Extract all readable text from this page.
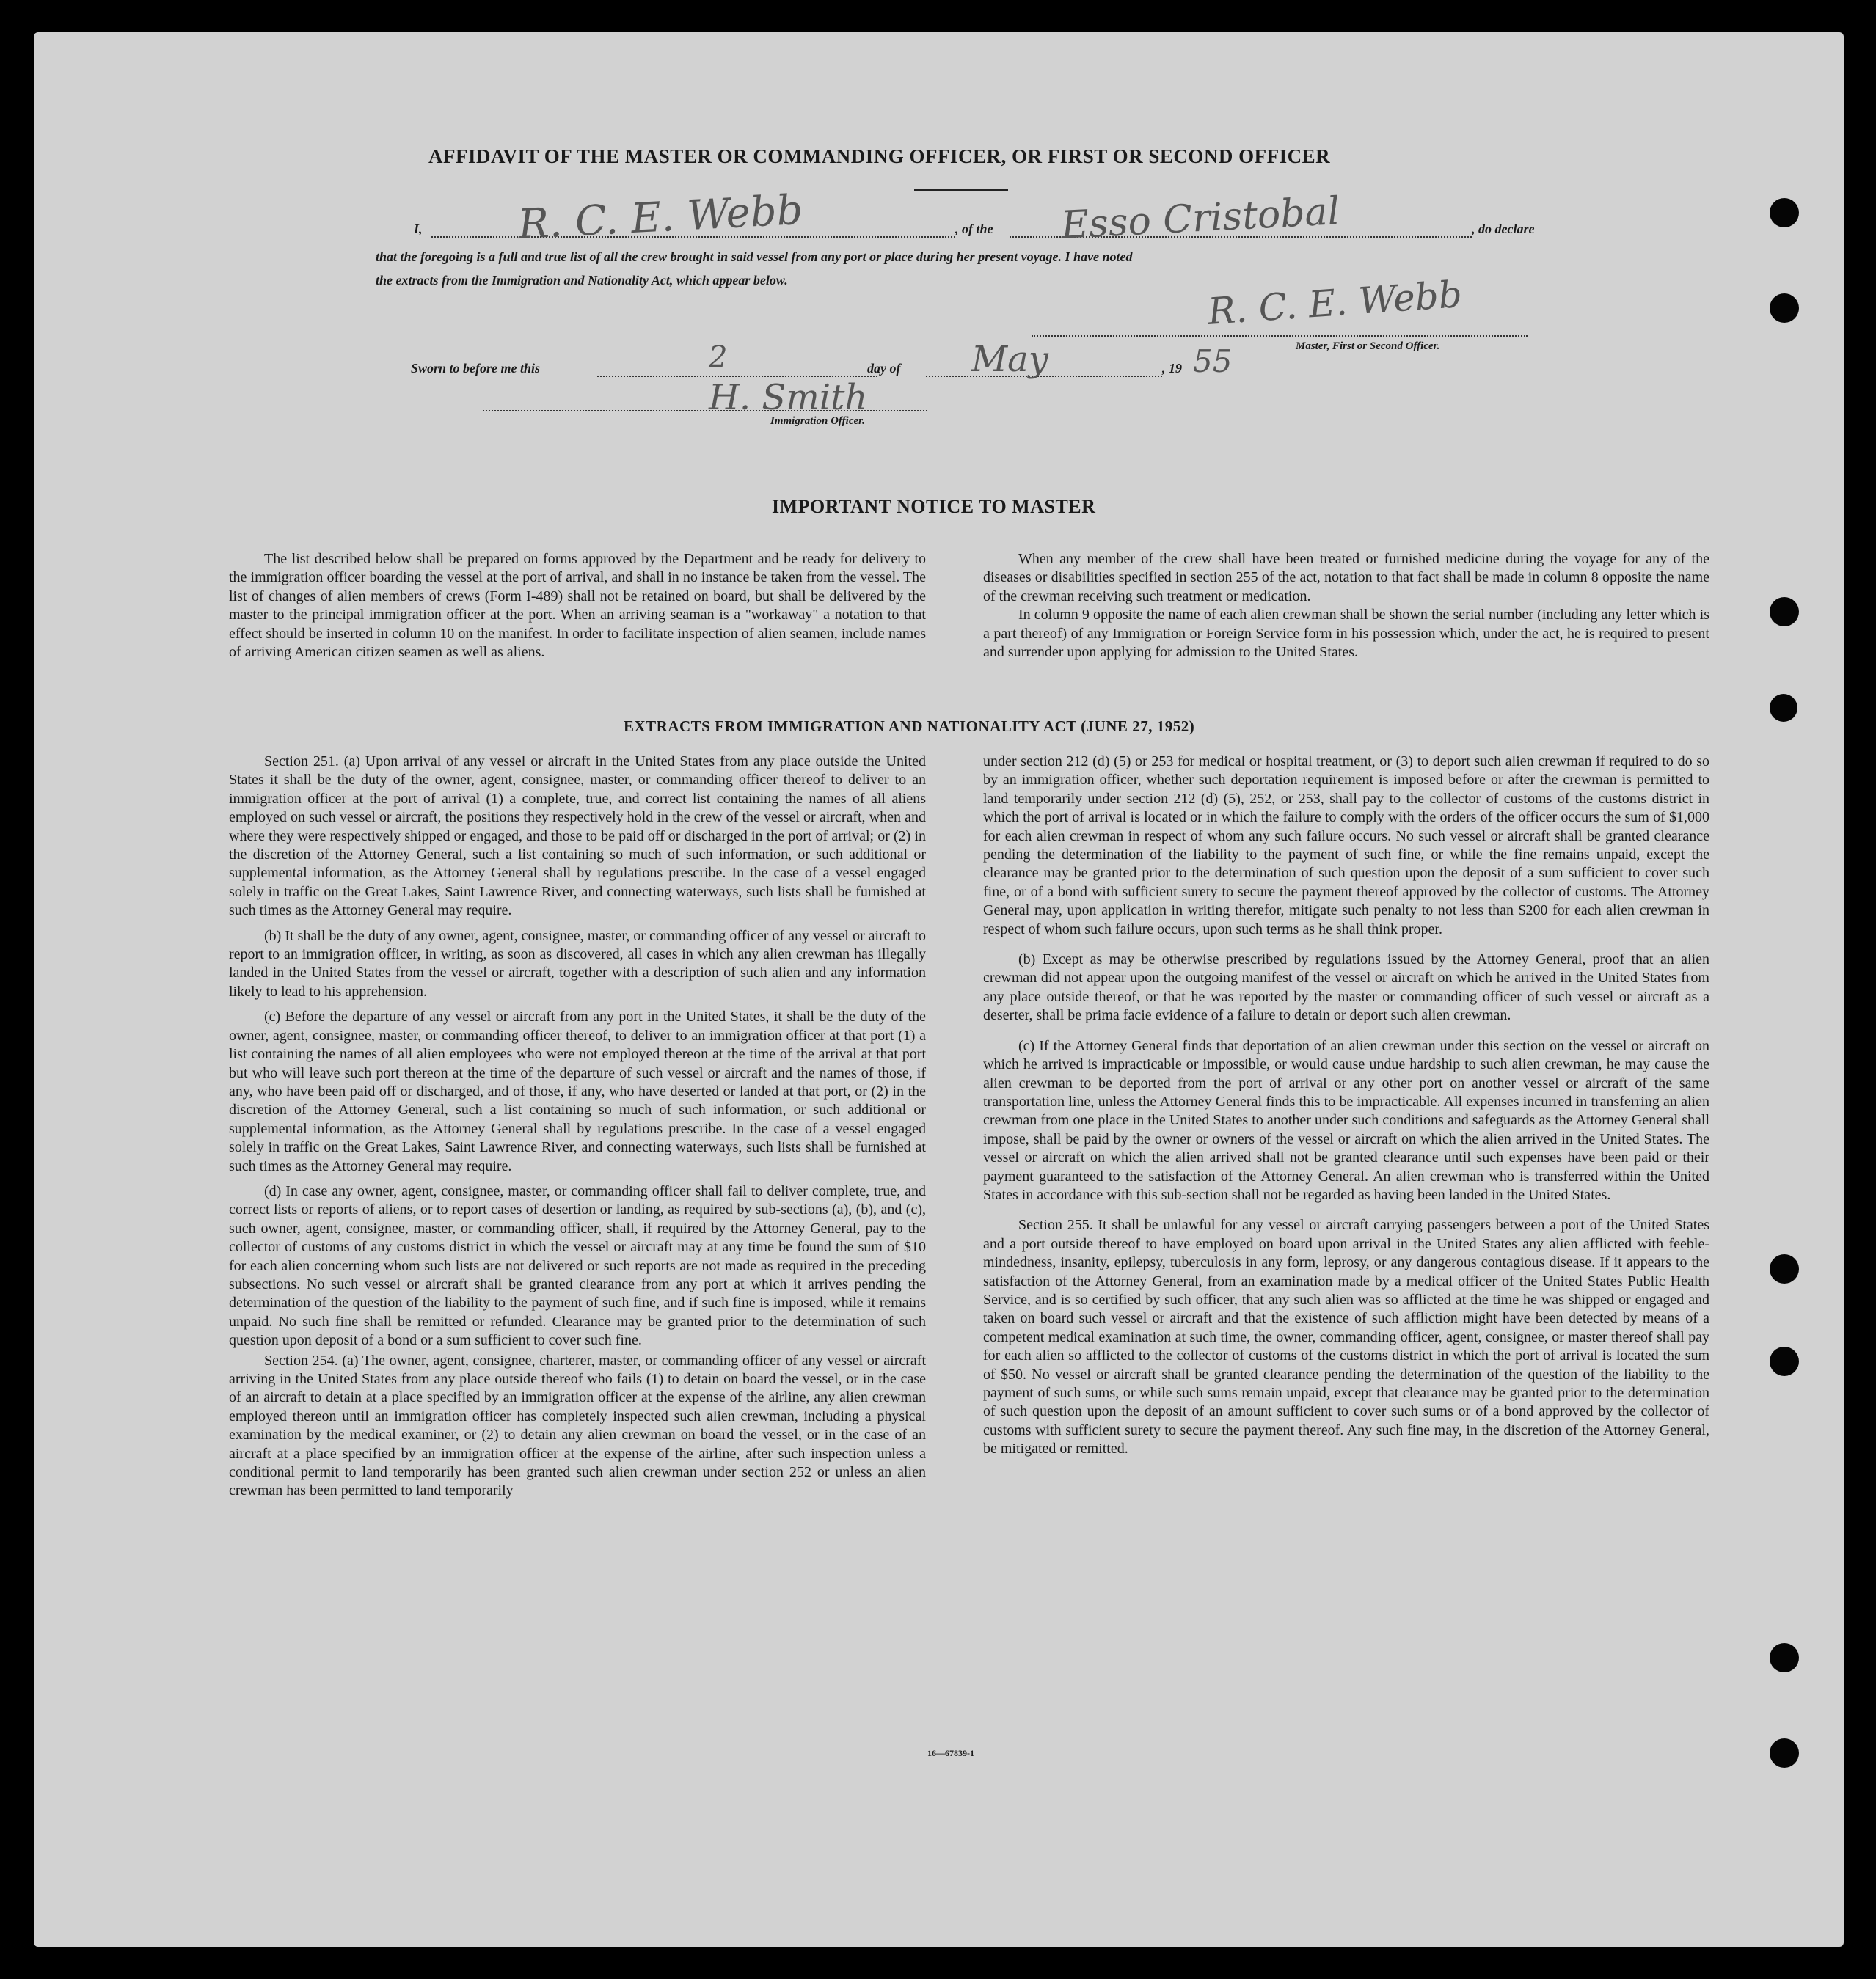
AFFIDAVIT OF THE MASTER OR COMMANDING OFFICER, OR FIRST OR SECOND OFFICER
I, R. C. E. Webb	, of the Esso Cristobal	, do declare
that the foregoing is a full and true list of all the crew brought in said vessel from any port or place during her present voyage. I have noted
the extracts from the Immigration and Nationality Act, which appear below.	R. C. E. Webb
Master, First or Second Officer.
Sworn to before me this	2	day of May	, 19 55
H. Smith
Immigration Officer.
IMPORTANT NOTICE TO MASTER

The list described below shall be prepared on forms approved by the Department and be ready for delivery to the immigration officer boarding the vessel at the port of arrival, and shall in no instance be taken from the vessel. The list of changes of alien members of crews (Form I-489) shall not be retained on board, but shall be delivered by the master to the principal immigration officer at the port. When an arriving seaman is a "workaway" a notation to that effect should be inserted in column 10 on the manifest. In order to facilitate inspection of alien seamen, include names of arriving American citizen seamen as well as aliens.

When any member of the crew shall have been treated or furnished medicine during the voyage for any of the diseases or disabilities specified in section 255 of the act, notation to that fact shall be made in column 8 opposite the name of the crewman receiving such treatment or medication.

In column 9 opposite the name of each alien crewman shall be shown the serial number (including any letter which is a part thereof) of any Immigration or Foreign Service form in his possession which, under the act, he is required to present and surrender upon applying for admission to the United States.

EXTRACTS FROM IMMIGRATION AND NATIONALITY ACT (JUNE 27, 1952)

Section 251. (a) Upon arrival of any vessel or aircraft in the United States from any place outside the United States it shall be the duty of the owner, agent, consignee, master, or commanding officer thereof to deliver to an immigration officer at the port of arrival (1) a complete, true, and correct list containing the names of all aliens employed on such vessel or aircraft, the positions they respectively hold in the crew of the vessel or aircraft, when and where they were respectively shipped or engaged, and those to be paid off or discharged in the port of arrival; or (2) in the discretion of the Attorney General, such a list containing so much of such information, or such additional or supplemental information, as the Attorney General shall by regulations prescribe. In the case of a vessel engaged solely in traffic on the Great Lakes, Saint Lawrence River, and connecting waterways, such lists shall be furnished at such times as the Attorney General may require.

(b) It shall be the duty of any owner, agent, consignee, master, or commanding officer of any vessel or aircraft to report to an immigration officer, in writing, as soon as discovered, all cases in which any alien crewman has illegally landed in the United States from the vessel or aircraft, together with a description of such alien and any information likely to lead to his apprehension.

(c) Before the departure of any vessel or aircraft from any port in the United States, it shall be the duty of the owner, agent, consignee, master, or commanding officer thereof, to deliver to an immigration officer at that port (1) a list containing the names of all alien employees who were not employed thereon at the time of the arrival at that port but who will leave such port thereon at the time of the departure of such vessel or aircraft and the names of those, if any, who have been paid off or discharged, and of those, if any, who have deserted or landed at that port, or (2) in the discretion of the Attorney General, such a list containing so much of such information, or such additional or supplemental information, as the Attorney General shall by regulations prescribe. In the case of a vessel engaged solely in traffic on the Great Lakes, Saint Lawrence River, and connecting waterways, such lists shall be furnished at such times as the Attorney General may require.

(d) In case any owner, agent, consignee, master, or commanding officer shall fail to deliver complete, true, and correct lists or reports of aliens, or to report cases of desertion or landing, as required by sub-sections (a), (b), and (c), such owner, agent, consignee, master, or commanding officer, shall, if required by the Attorney General, pay to the collector of customs of any customs district in which the vessel or aircraft may at any time be found the sum of $10 for each alien concerning whom such lists are not delivered or such reports are not made as required in the preceding subsections. No such vessel or aircraft shall be granted clearance from any port at which it arrives pending the determination of the question of the liability to the payment of such fine, and if such fine is imposed, while it remains unpaid. No such fine shall be remitted or refunded. Clearance may be granted prior to the determination of such question upon deposit of a bond or a sum sufficient to cover such fine.

Section 254. (a) The owner, agent, consignee, charterer, master, or commanding officer of any vessel or aircraft arriving in the United States from any place outside thereof who fails (1) to detain on board the vessel, or in the case of an aircraft to detain at a place specified by an immigration officer at the expense of the airline, any alien crewman employed thereon until an immigration officer has completely inspected such alien crewman, including a physical examination by the medical examiner, or (2) to detain any alien crewman on board the vessel, or in the case of an aircraft at a place specified by an immigration officer at the expense of the airline, after such inspection unless a conditional permit to land temporarily has been granted such alien crewman under section 252 or unless an alien crewman has been permitted to land temporarily

under section 212 (d) (5) or 253 for medical or hospital treatment, or (3) to deport such alien crewman if required to do so by an immigration officer, whether such deportation requirement is imposed before or after the crewman is permitted to land temporarily under section 212 (d) (5), 252, or 253, shall pay to the collector of customs of the customs district in which the port of arrival is located or in which the failure to comply with the orders of the officer occurs the sum of $1,000 for each alien crewman in respect of whom any such failure occurs. No such vessel or aircraft shall be granted clearance pending the determination of the liability to the payment of such fine, or while the fine remains unpaid, except the clearance may be granted prior to the determination of such question upon the deposit of a sum sufficient to cover such fine, or of a bond with sufficient surety to secure the payment thereof approved by the collector of customs. The Attorney General may, upon application in writing therefor, mitigate such penalty to not less than $200 for each alien crewman in respect of whom such failure occurs, upon such terms as he shall think proper.

(b) Except as may be otherwise prescribed by regulations issued by the Attorney General, proof that an alien crewman did not appear upon the outgoing manifest of the vessel or aircraft on which he arrived in the United States from any place outside thereof, or that he was reported by the master or commanding officer of such vessel or aircraft as a deserter, shall be prima facie evidence of a failure to detain or deport such alien crewman.

(c) If the Attorney General finds that deportation of an alien crewman under this section on the vessel or aircraft on which he arrived is impracticable or impossible, or would cause undue hardship to such alien crewman, he may cause the alien crewman to be deported from the port of arrival or any other port on another vessel or aircraft of the same transportation line, unless the Attorney General finds this to be impracticable. All expenses incurred in transferring an alien crewman from one place in the United States to another under such conditions and safeguards as the Attorney General shall impose, shall be paid by the owner or owners of the vessel or aircraft on which the alien arrived in the United States. The vessel or aircraft on which the alien arrived shall not be granted clearance until such expenses have been paid or their payment guaranteed to the satisfaction of the Attorney General. An alien crewman who is transferred within the United States in accordance with this sub-section shall not be regarded as having been landed in the United States.

Section 255. It shall be unlawful for any vessel or aircraft carrying passengers between a port of the United States and a port outside thereof to have employed on board upon arrival in the United States any alien afflicted with feeble-mindedness, insanity, epilepsy, tuberculosis in any form, leprosy, or any dangerous contagious disease. If it appears to the satisfaction of the Attorney General, from an examination made by a medical officer of the United States Public Health Service, and is so certified by such officer, that any such alien was so afflicted at the time he was shipped or engaged and taken on board such vessel or aircraft and that the existence of such affliction might have been detected by means of a competent medical examination at such time, the owner, commanding officer, agent, consignee, or master thereof shall pay for each alien so afflicted to the collector of customs of the customs district in which the port of arrival is located the sum of $50. No vessel or aircraft shall be granted clearance pending the determination of the question of the liability to the payment of such sums, or while such sums remain unpaid, except that clearance may be granted prior to the determination of such question upon the deposit of an amount sufficient to cover such sums or of a bond approved by the collector of customs with sufficient surety to secure the payment thereof. Any such fine may, in the discretion of the Attorney General, be mitigated or remitted.

16—67839-1
